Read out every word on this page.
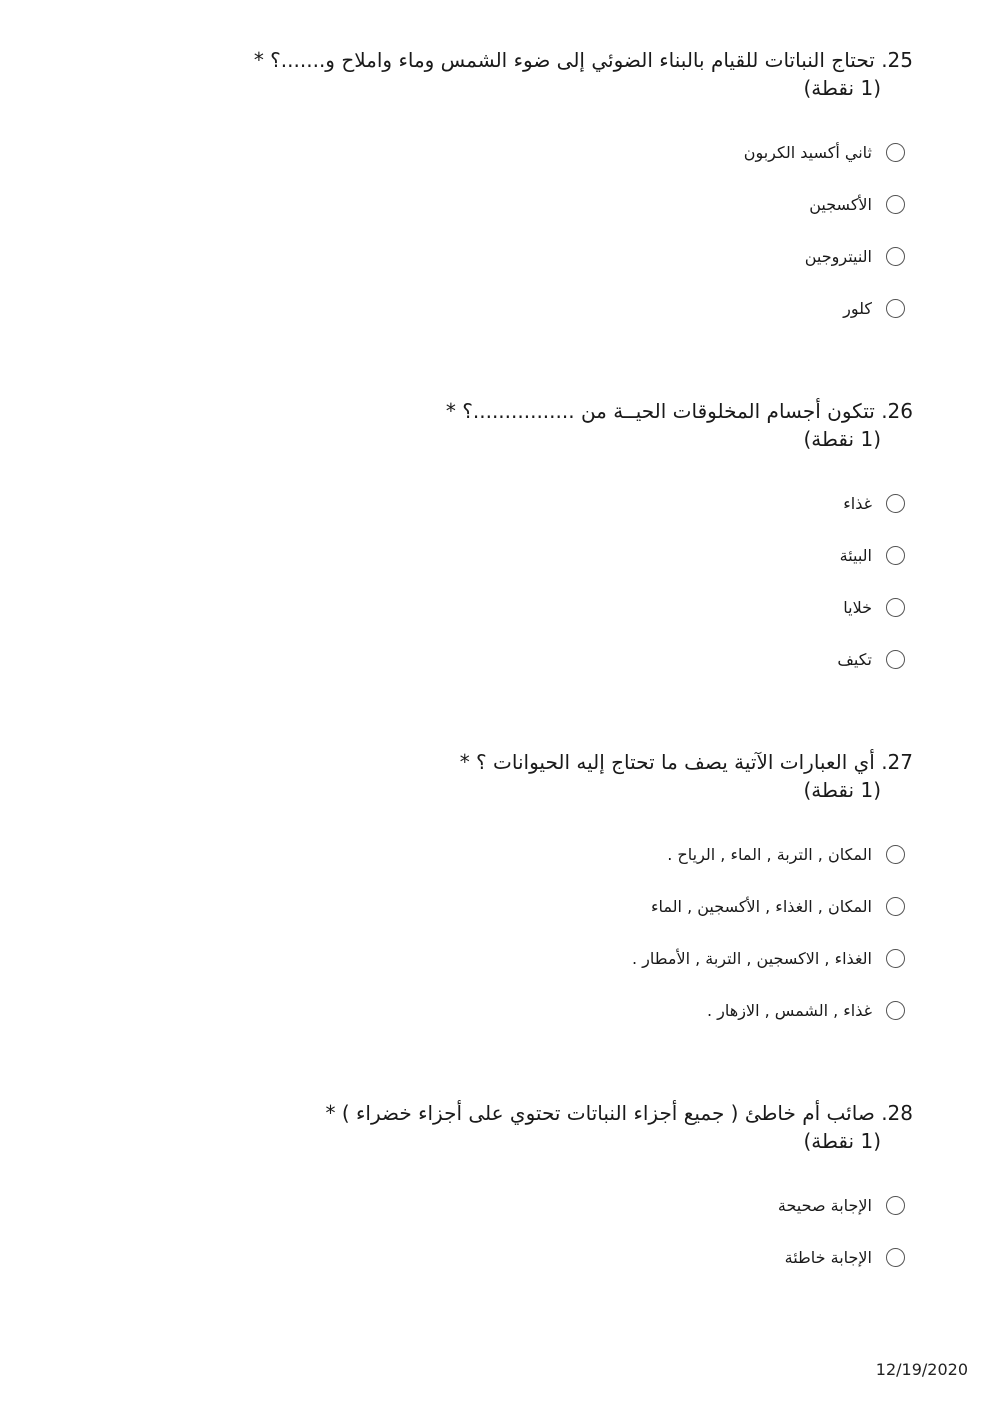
25. تحتاج النباتات للقيام بالبناء الضوئي إلى ضوء الشمس وماء واملاح و.......؟ *
(1 نقطة)
ثاني أكسيد الكربون
الأكسجين
النيتروجين
كلور
26. تتكون أجسام المخلوقات الحيــة من ................؟ *
(1 نقطة)
غذاء
البيئة
خلايا
تكيف
27. أي العبارات الآتية يصف ما تحتاج إليه الحيوانات ؟ *
(1 نقطة)
المكان , التربة , الماء , الرياح .
المكان , الغذاء , الأكسجين , الماء
الغذاء , الاكسجين , التربة , الأمطار .
غذاء , الشمس , الازهار .
28. صائب أم خاطئ ( جميع أجزاء النباتات تحتوي على أجزاء خضراء ) *
(1 نقطة)
الإجابة صحيحة
الإجابة خاطئة
12/19/2020
